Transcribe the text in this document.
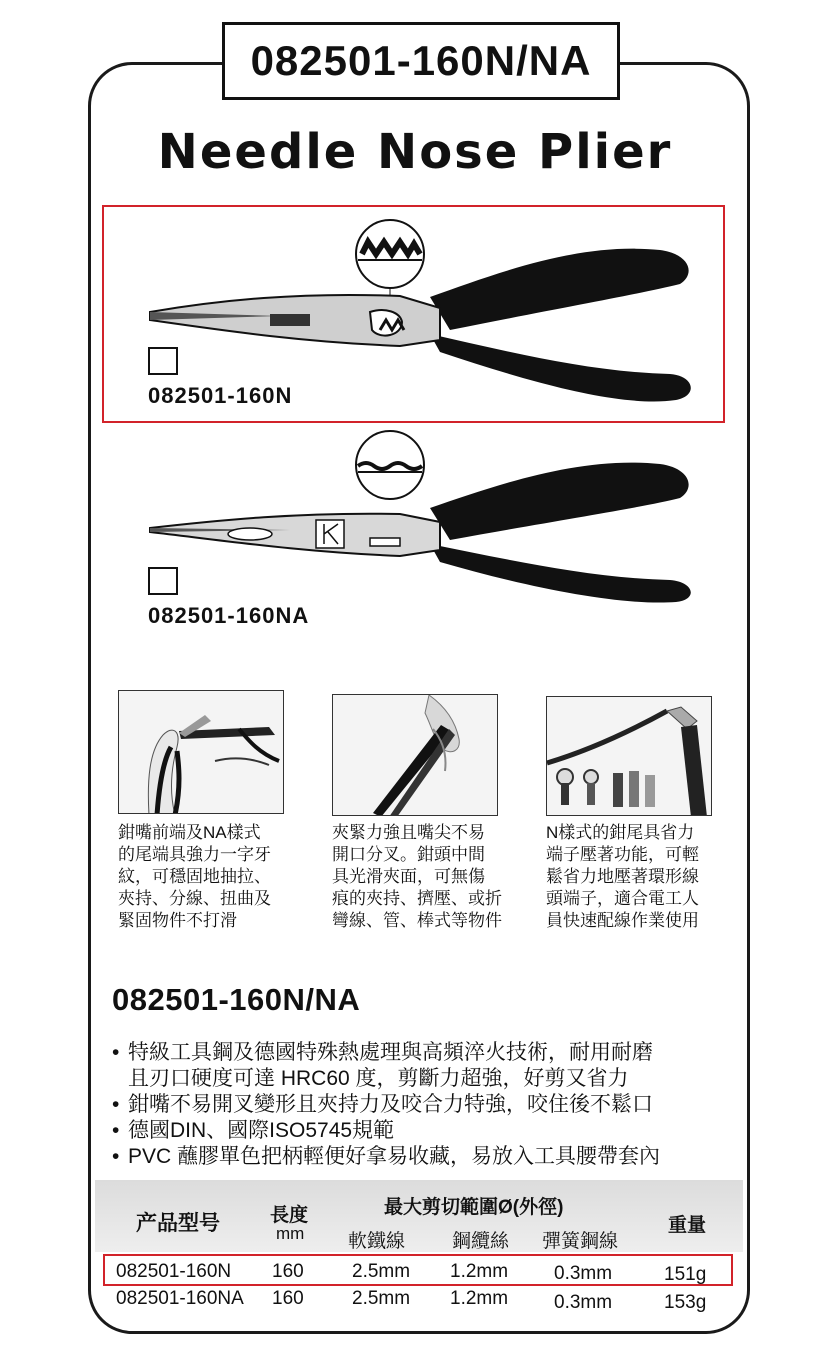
082501-160N/NA
Needle Nose Plier
082501-160N
082501-160NA
鉗嘴前端及NA樣式
的尾端具強力一字牙
紋，可穩固地抽拉、
夾持、分線、扭曲及
緊固物件不打滑
夾緊力強且嘴尖不易
開口分叉。鉗頭中間
具光滑夾面，可無傷
痕的夾持、擠壓、或折
彎線、管、棒式等物件
N樣式的鉗尾具省力
端子壓著功能，可輕
鬆省力地壓著環形線
頭端子，適合電工人
員快速配線作業使用
082501-160N/NA
• 特級工具鋼及德國特殊熱處理與高頻淬火技術，耐用耐磨
且刃口硬度可達 HRC60 度，剪斷力超強，好剪又省力
• 鉗嘴不易開叉變形且夾持力及咬合力特強，咬住後不鬆口
• 德國DIN、國際ISO5745規範
• PVC 蘸膠單色把柄輕便好拿易收藏，易放入工具腰帶套內
产品型号	長度
mm
最大剪切範圍Ø(外徑)
軟鐵線 鋼纜絲 彈簧鋼線
重量
082501-160N 160	2.5mm 1.2mm 0.3mm	151g
082501-160NA 160	2.5mm 1.2mm 0.3mm	153g
